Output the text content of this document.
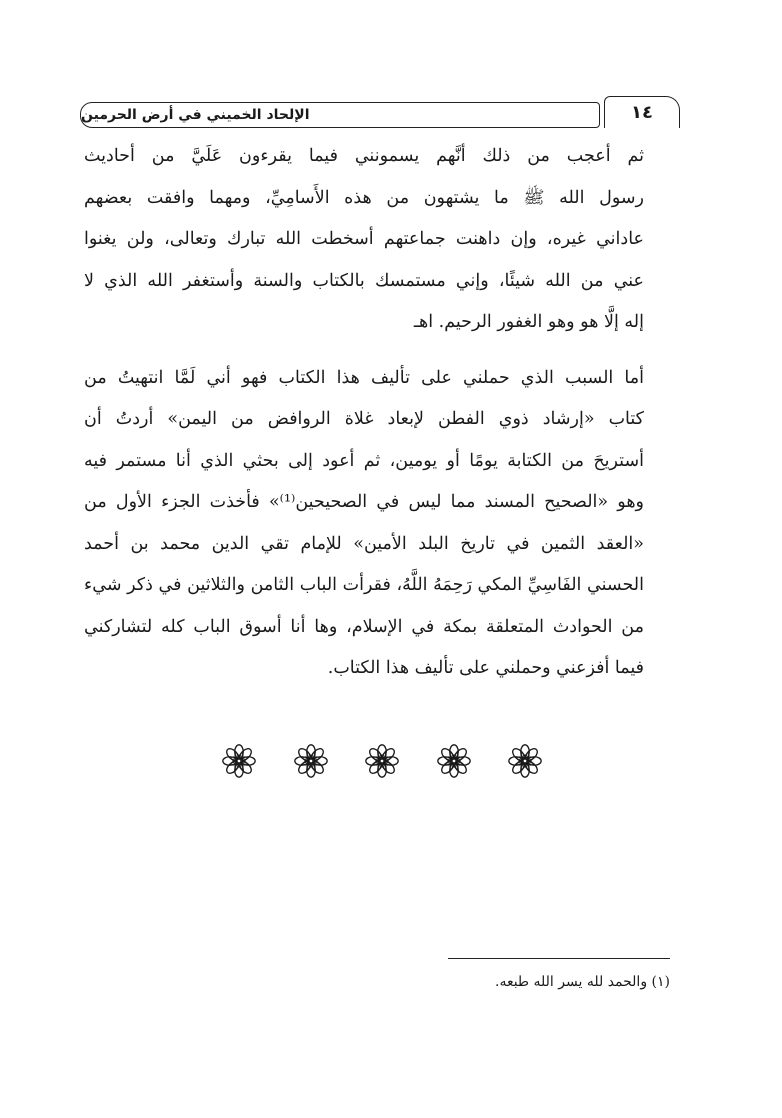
الإلحاد الخميني في أرض الحرمين	١٤

ثم أعجب من ذلك أنَّهم يسمونني فيما يقرءون عَلَيَّ من أحاديث
رسول الله ﷺ ما يشتهون من هذه الأَسامِيِّ، ومهما وافقت بعضهم
عاداني غيره، وإن داهنت جماعتهم أسخطت الله تبارك وتعالى، ولن يغنوا
عني من الله شيئًا، وإني مستمسك بالكتاب والسنة وأستغفر الله الذي لا
إله إلَّا هو وهو الغفور الرحيم. اهـ

أما السبب الذي حملني على تأليف هذا الكتاب فهو أني لَمَّا انتهيتُ من
كتاب «إرشاد ذوي الفطن لإبعاد غلاة الروافض من اليمن» أردتُ أن
أستريحَ من الكتابة يومًا أو يومين، ثم أعود إلى بحثي الذي أنا مستمر فيه
وهو «الصحيح المسند مما ليس في الصحيحين⁽¹⁾» فأخذت الجزء الأول من
«العقد الثمين في تاريخ البلد الأمين» للإمام تقي الدين محمد بن أحمد
الحسني الفَاسِيِّ المكي رَحِمَهُ اللَّهُ، فقرأت الباب الثامن والثلاثين في ذكر شيء
من الحوادث المتعلقة بمكة في الإسلام، وها أنا أسوق الباب كله لتشاركني
فيما أفزعني وحملني على تأليف هذا الكتاب.

(١) والحمد لله يسر الله طبعه.
